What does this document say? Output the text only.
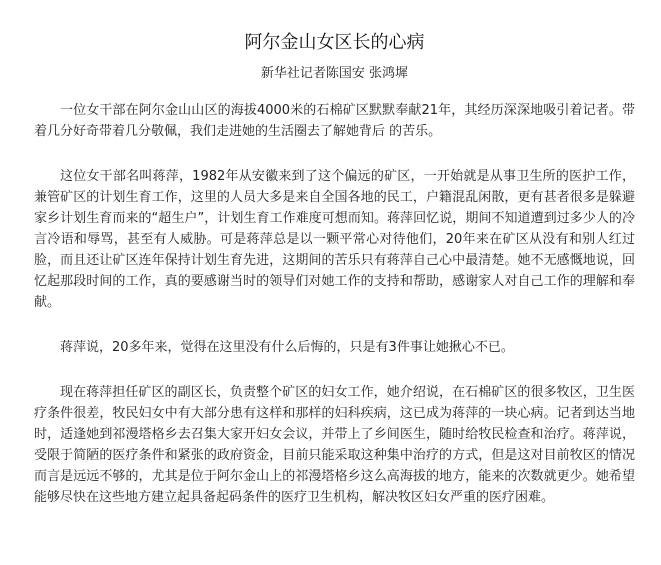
阿尔金山女区长的心病

新华社记者陈国安 张鸿墀

一位女干部在阿尔金山山区的海拔4000米的石棉矿区默默奉献21年，其经历深深地吸引着记者。带着几分好奇带着几分敬佩，我们走进她的生活圈去了解她背后 的苦乐。

这位女干部名叫蒋萍，1982年从安徽来到了这个偏远的矿区，一开始就是从事卫生所的医护工作，兼管矿区的计划生育工作，这里的人员大多是来自全国各地的民工，户籍混乱闲散，更有甚者很多是躲避家乡计划生育而来的“超生户”，计划生育工作难度可想而知。蒋萍回忆说，期间不知道遭到过多少人的冷言冷语和辱骂，甚至有人威胁。可是蒋萍总是以一颗平常心对待他们，20年来在矿区从没有和别人红过脸，而且还让矿区连年保持计划生育先进，这期间的苦乐只有蒋萍自己心中最清楚。她不无感慨地说，回忆起那段时间的工作，真的要感谢当时的领导们对她工作的支持和帮助，感谢家人对自己工作的理解和奉献。

蒋萍说，20多年来，觉得在这里没有什么后悔的，只是有3件事让她揪心不已。

现在蒋萍担任矿区的副区长，负责整个矿区的妇女工作，她介绍说，在石棉矿区的很多牧区，卫生医疗条件很差，牧民妇女中有大部分患有这样和那样的妇科疾病，这已成为蒋萍的一块心病。记者到达当地时，适逢她到祁漫塔格乡去召集大家开妇女会议，并带上了乡间医生，随时给牧民检查和治疗。蒋萍说，受限于简陋的医疗条件和紧张的政府资金，目前只能采取这种集中治疗的方式，但是这对目前牧区的情况而言是远远不够的，尤其是位于阿尔金山上的祁漫塔格乡这么高海拔的地方，能来的次数就更少。她希望能够尽快在这些地方建立起具备起码条件的医疗卫生机构，解决牧区妇女严重的医疗困难。
